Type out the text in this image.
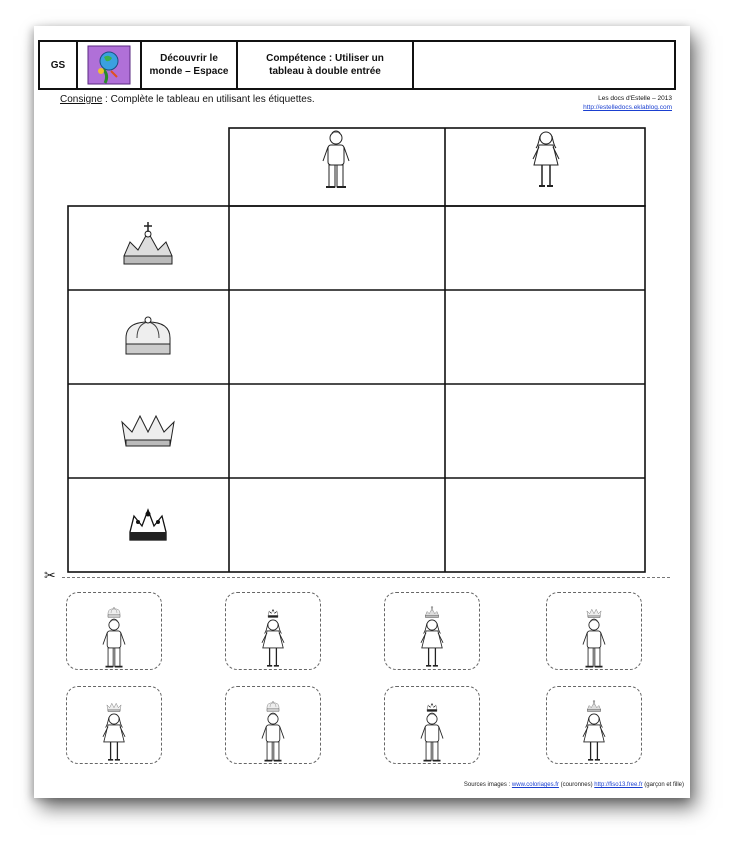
GS
Découvrir le monde – Espace
Compétence : Utiliser un tableau à double entrée
Consigne : Complète le tableau en utilisant les étiquettes.	Les docs d'Estelle – 2013
http://estelledocs.eklablog.com
✂
Sources images : www.coloriages.fr (couronnes) http://fiso13.free.fr (garçon et fille)
